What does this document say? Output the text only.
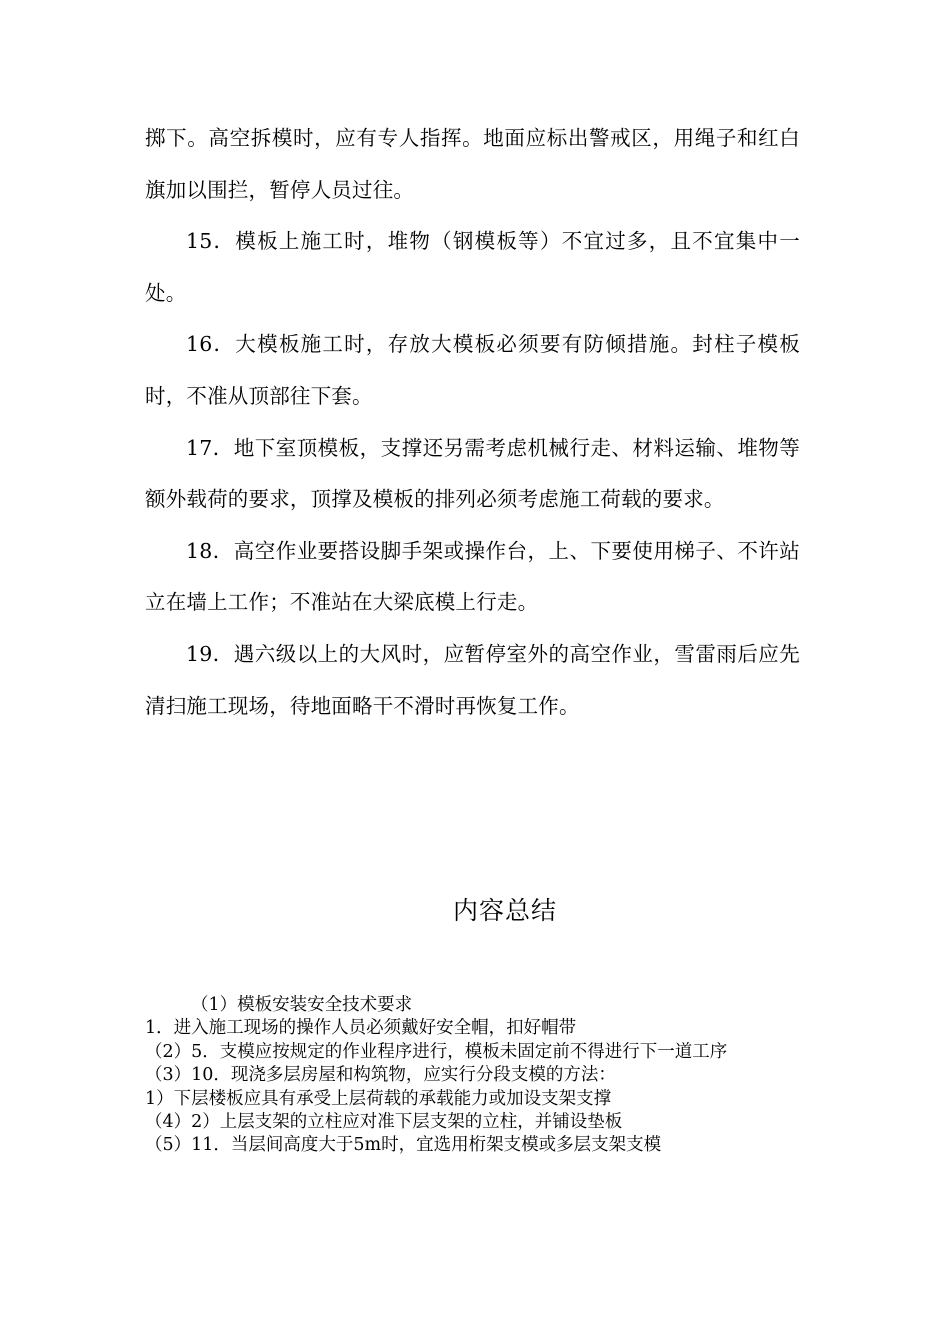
掷下。高空拆模时，应有专人指挥。地面应标出警戒区，用绳子和红白旗加以围拦，暂停人员过往。

15．模板上施工时，堆物（钢模板等）不宜过多，且不宜集中一处。

16．大模板施工时，存放大模板必须要有防倾措施。封柱子模板时，不准从顶部往下套。

17．地下室顶模板，支撑还另需考虑机械行走、材料运输、堆物等额外载荷的要求，顶撑及模板的排列必须考虑施工荷载的要求。

18．高空作业要搭设脚手架或操作台，上、下要使用梯子、不许站立在墙上工作；不准站在大梁底模上行走。

19．遇六级以上的大风时，应暂停室外的高空作业，雪雷雨后应先清扫施工现场，待地面略干不滑时再恢复工作。

内容总结

（1）模板安装安全技术要求

1．进入施工现场的操作人员必须戴好安全帽，扣好帽带

（2）5．支模应按规定的作业程序进行，模板未固定前不得进行下一道工序

（3）10．现浇多层房屋和构筑物，应实行分段支模的方法：

1）下层楼板应具有承受上层荷载的承载能力或加设支架支撑

（4）2）上层支架的立柱应对准下层支架的立柱，并铺设垫板

（5）11．当层间高度大于5m时，宜选用桁架支模或多层支架支模
